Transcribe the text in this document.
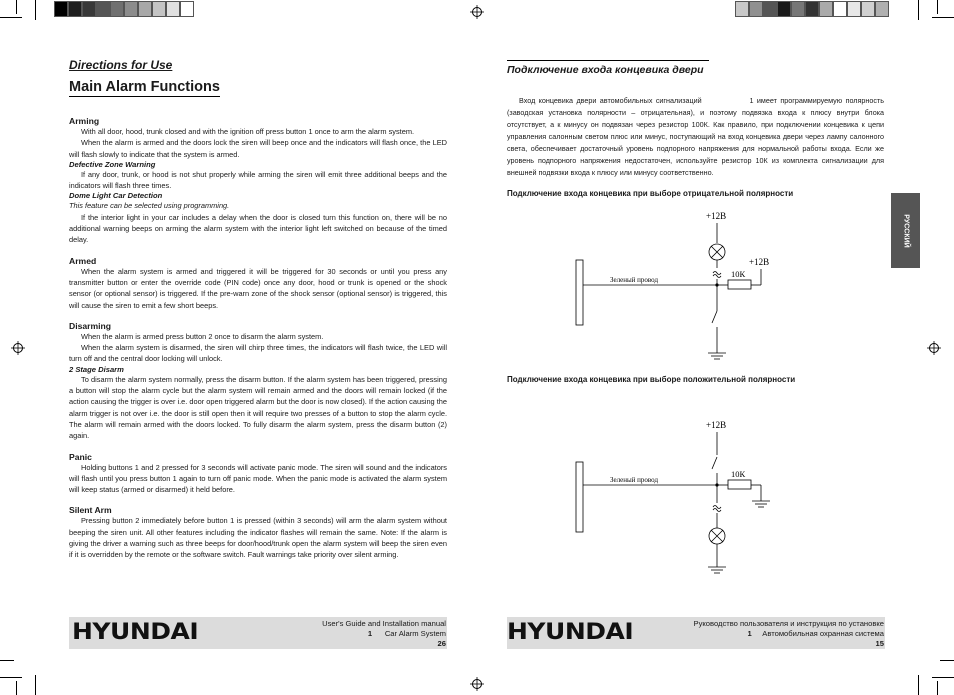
Directions for Use
Main Alarm Functions
Arming
With all door, hood, trunk closed and with the ignition off press button 1 once to arm the alarm system.
When the alarm is armed and the doors lock the siren will beep once and the indicators will flash once, the LED will flash slowly to indicate that the system is armed.
Defective Zone Warning
If any door, trunk, or hood is not shut properly while arming the siren will emit three additional beeps and the indicators will flash three times.
Dome Light Car Detection
This feature can be selected using programming.
If the interior light in your car includes a delay when the door is closed turn this function on, there will be no additional warning beeps on arming the alarm system with the interior light left switched on because of the timed delay.
Armed
When the alarm system is armed and triggered it will be triggered for 30 seconds or until you press any transmitter button or enter the override code (PIN code) once any door, hood or trunk is opened or the shock sensor (or optional sensor) is triggered. If the pre-warn zone of the shock sensor (optional sensor) is triggered, this will cause the siren to emit a few short beeps.
Disarming
When the alarm is armed press button 2 once to disarm the alarm system.
When the alarm system is disarmed, the siren will chirp three times, the indicators will flash twice, the LED will turn off and the central door locking will unlock.
2 Stage Disarm
To disarm the alarm system normally, press the disarm button. If the alarm system has been triggered, pressing a button will stop the alarm cycle but the alarm system will remain armed and the doors will remain locked (if the action causing the trigger is over i.e. door open triggered alarm but the door is now closed). If the action causing the alarm trigger is not over i.e. the door is still open then it will require two presses of a button to stop the alarm cycle. The alarm will remain armed with the doors locked. To fully disarm the alarm system, press the disarm button (2) again.
Panic
Holding buttons 1 and 2 pressed for 3 seconds will activate panic mode. The siren will sound and the indicators will flash until you press button 1 again to turn off panic mode. When the panic mode is activated the alarm system will keep status (armed or disarmed) it held before.
Silent Arm
Pressing button 2 immediately before button 1 is pressed (within 3 seconds) will arm the alarm system without beeping the siren unit. All other features including the indicator flashes will remain the same. Note: If the alarm is giving the driver a warning such as three beeps for door/hood/trunk open the alarm system will beep the siren even if it is overridden by the remote or the software switch. Fault warnings take priority over silent arming.
HYUNDAI	User's Guide and Installation manual
1 Car Alarm System
26
Подключение входа концевика двери
Вход концевика двери автомобильных сигнализаций	1 имеет программируемую полярность (заводская установка полярности – отрицательная), и поэтому подвязка входа к плюсу внутри блока отсутствует, а к минусу он подвязан через резистор 100К. Как правило, при подключении концевика к цепи управления салонным светом плюс или минус, поступающий на вход концевика двери через лампу салонного света, обеспечивает достаточный уровень подпорного напряжения для нормальной работы входа. Если же уровень подпорного напряжения недостаточен, используйте резистор 10К из комплекта сигнализации для внешней подвязки входа к плюсу или минусу соответственно.
Подключение входа концевика при выборе отрицательной полярности
+12В
Зеленый провод
10К
+12В
Подключение входа концевика при выборе положительной полярности
+12В
Зеленый провод
10К
РУССКИЙ
HYUNDAI	Руководство пользователя и инструкция по установке
1 Автомобильная охранная система
15
